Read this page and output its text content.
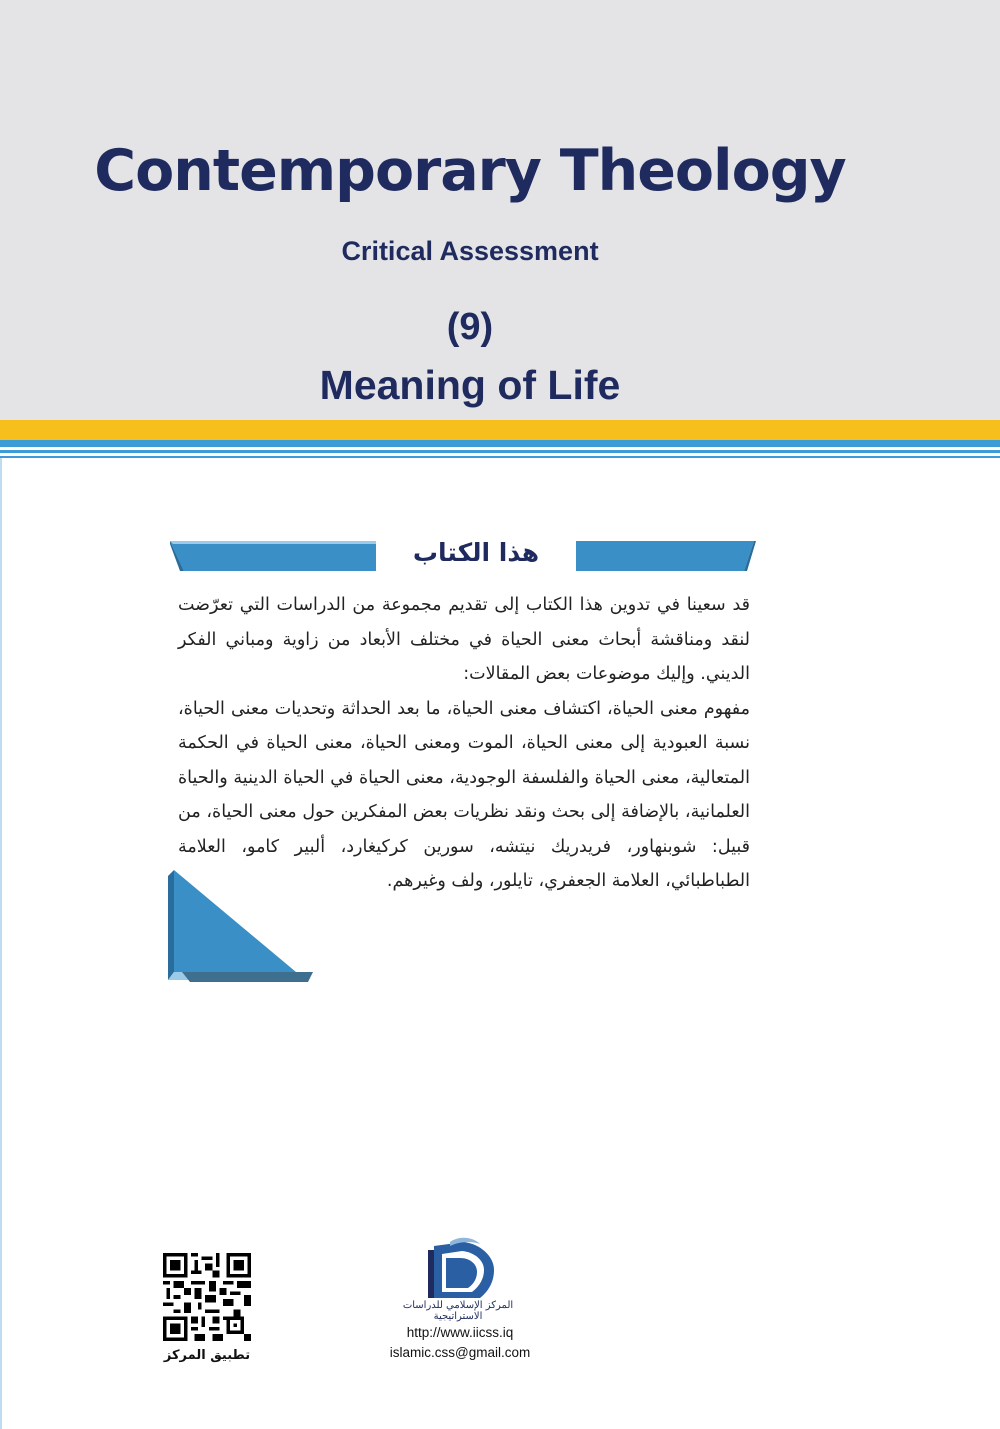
Contemporary Theology
Critical Assessment
(9)
Meaning of Life
هذا الكتاب

قد سعينا في تدوين هذا الكتاب إلى تقديم مجموعة من الدراسات التي تعرّضت لنقد ومناقشة أبحاث معنى الحياة في مختلف الأبعاد من زاوية ومباني الفكر الديني. وإليك موضوعات بعض المقالات:

مفهوم معنى الحياة، اكتشاف معنى الحياة، ما بعد الحداثة وتحديات معنى الحياة، نسبة العبودية إلى معنى الحياة، الموت ومعنى الحياة، معنى الحياة في الحكمة المتعالية، معنى الحياة والفلسفة الوجودية، معنى الحياة في الحياة الدينية والحياة العلمانية، بالإضافة إلى بحث ونقد نظريات بعض المفكرين حول معنى الحياة، من قبيل: شوبنهاور، فريدريك نيتشه، سورين كركيغارد، ألبير كامو، العلامة الطباطبائي، العلامة الجعفري، تايلور، ولف وغيرهم.

المركز الإسلامي للدراسات الاستراتيجية
http://www.iicss.iq
islamic.css@gmail.com
تطبيق المركز
